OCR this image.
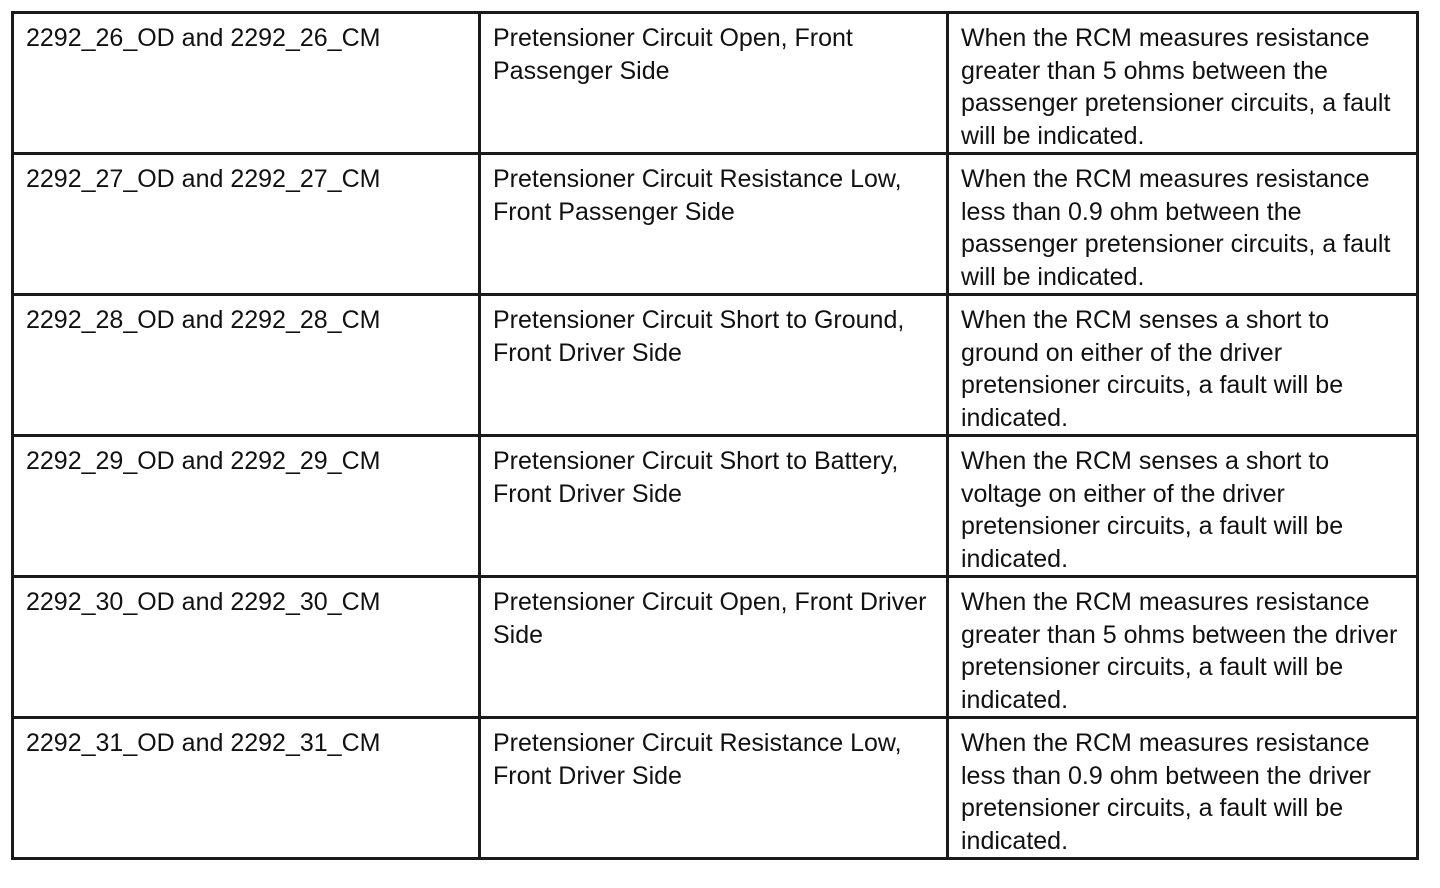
2292_26_OD and 2292_26_CM	Pretensioner Circuit Open, Front Passenger Side	When the RCM measures resistance greater than 5 ohms between the passenger pretensioner circuits, a fault will be indicated.

2292_27_OD and 2292_27_CM	Pretensioner Circuit Resistance Low, Front Passenger Side	When the RCM measures resistance less than 0.9 ohm between the passenger pretensioner circuits, a fault will be indicated.

2292_28_OD and 2292_28_CM	Pretensioner Circuit Short to Ground, Front Driver Side	When the RCM senses a short to ground on either of the driver pretensioner circuits, a fault will be indicated.

2292_29_OD and 2292_29_CM	Pretensioner Circuit Short to Battery, Front Driver Side	When the RCM senses a short to voltage on either of the driver pretensioner circuits, a fault will be indicated.

2292_30_OD and 2292_30_CM	Pretensioner Circuit Open, Front Driver Side	When the RCM measures resistance greater than 5 ohms between the driver pretensioner circuits, a fault will be indicated.

2292_31_OD and 2292_31_CM	Pretensioner Circuit Resistance Low, Front Driver Side	When the RCM measures resistance less than 0.9 ohm between the driver pretensioner circuits, a fault will be indicated.
